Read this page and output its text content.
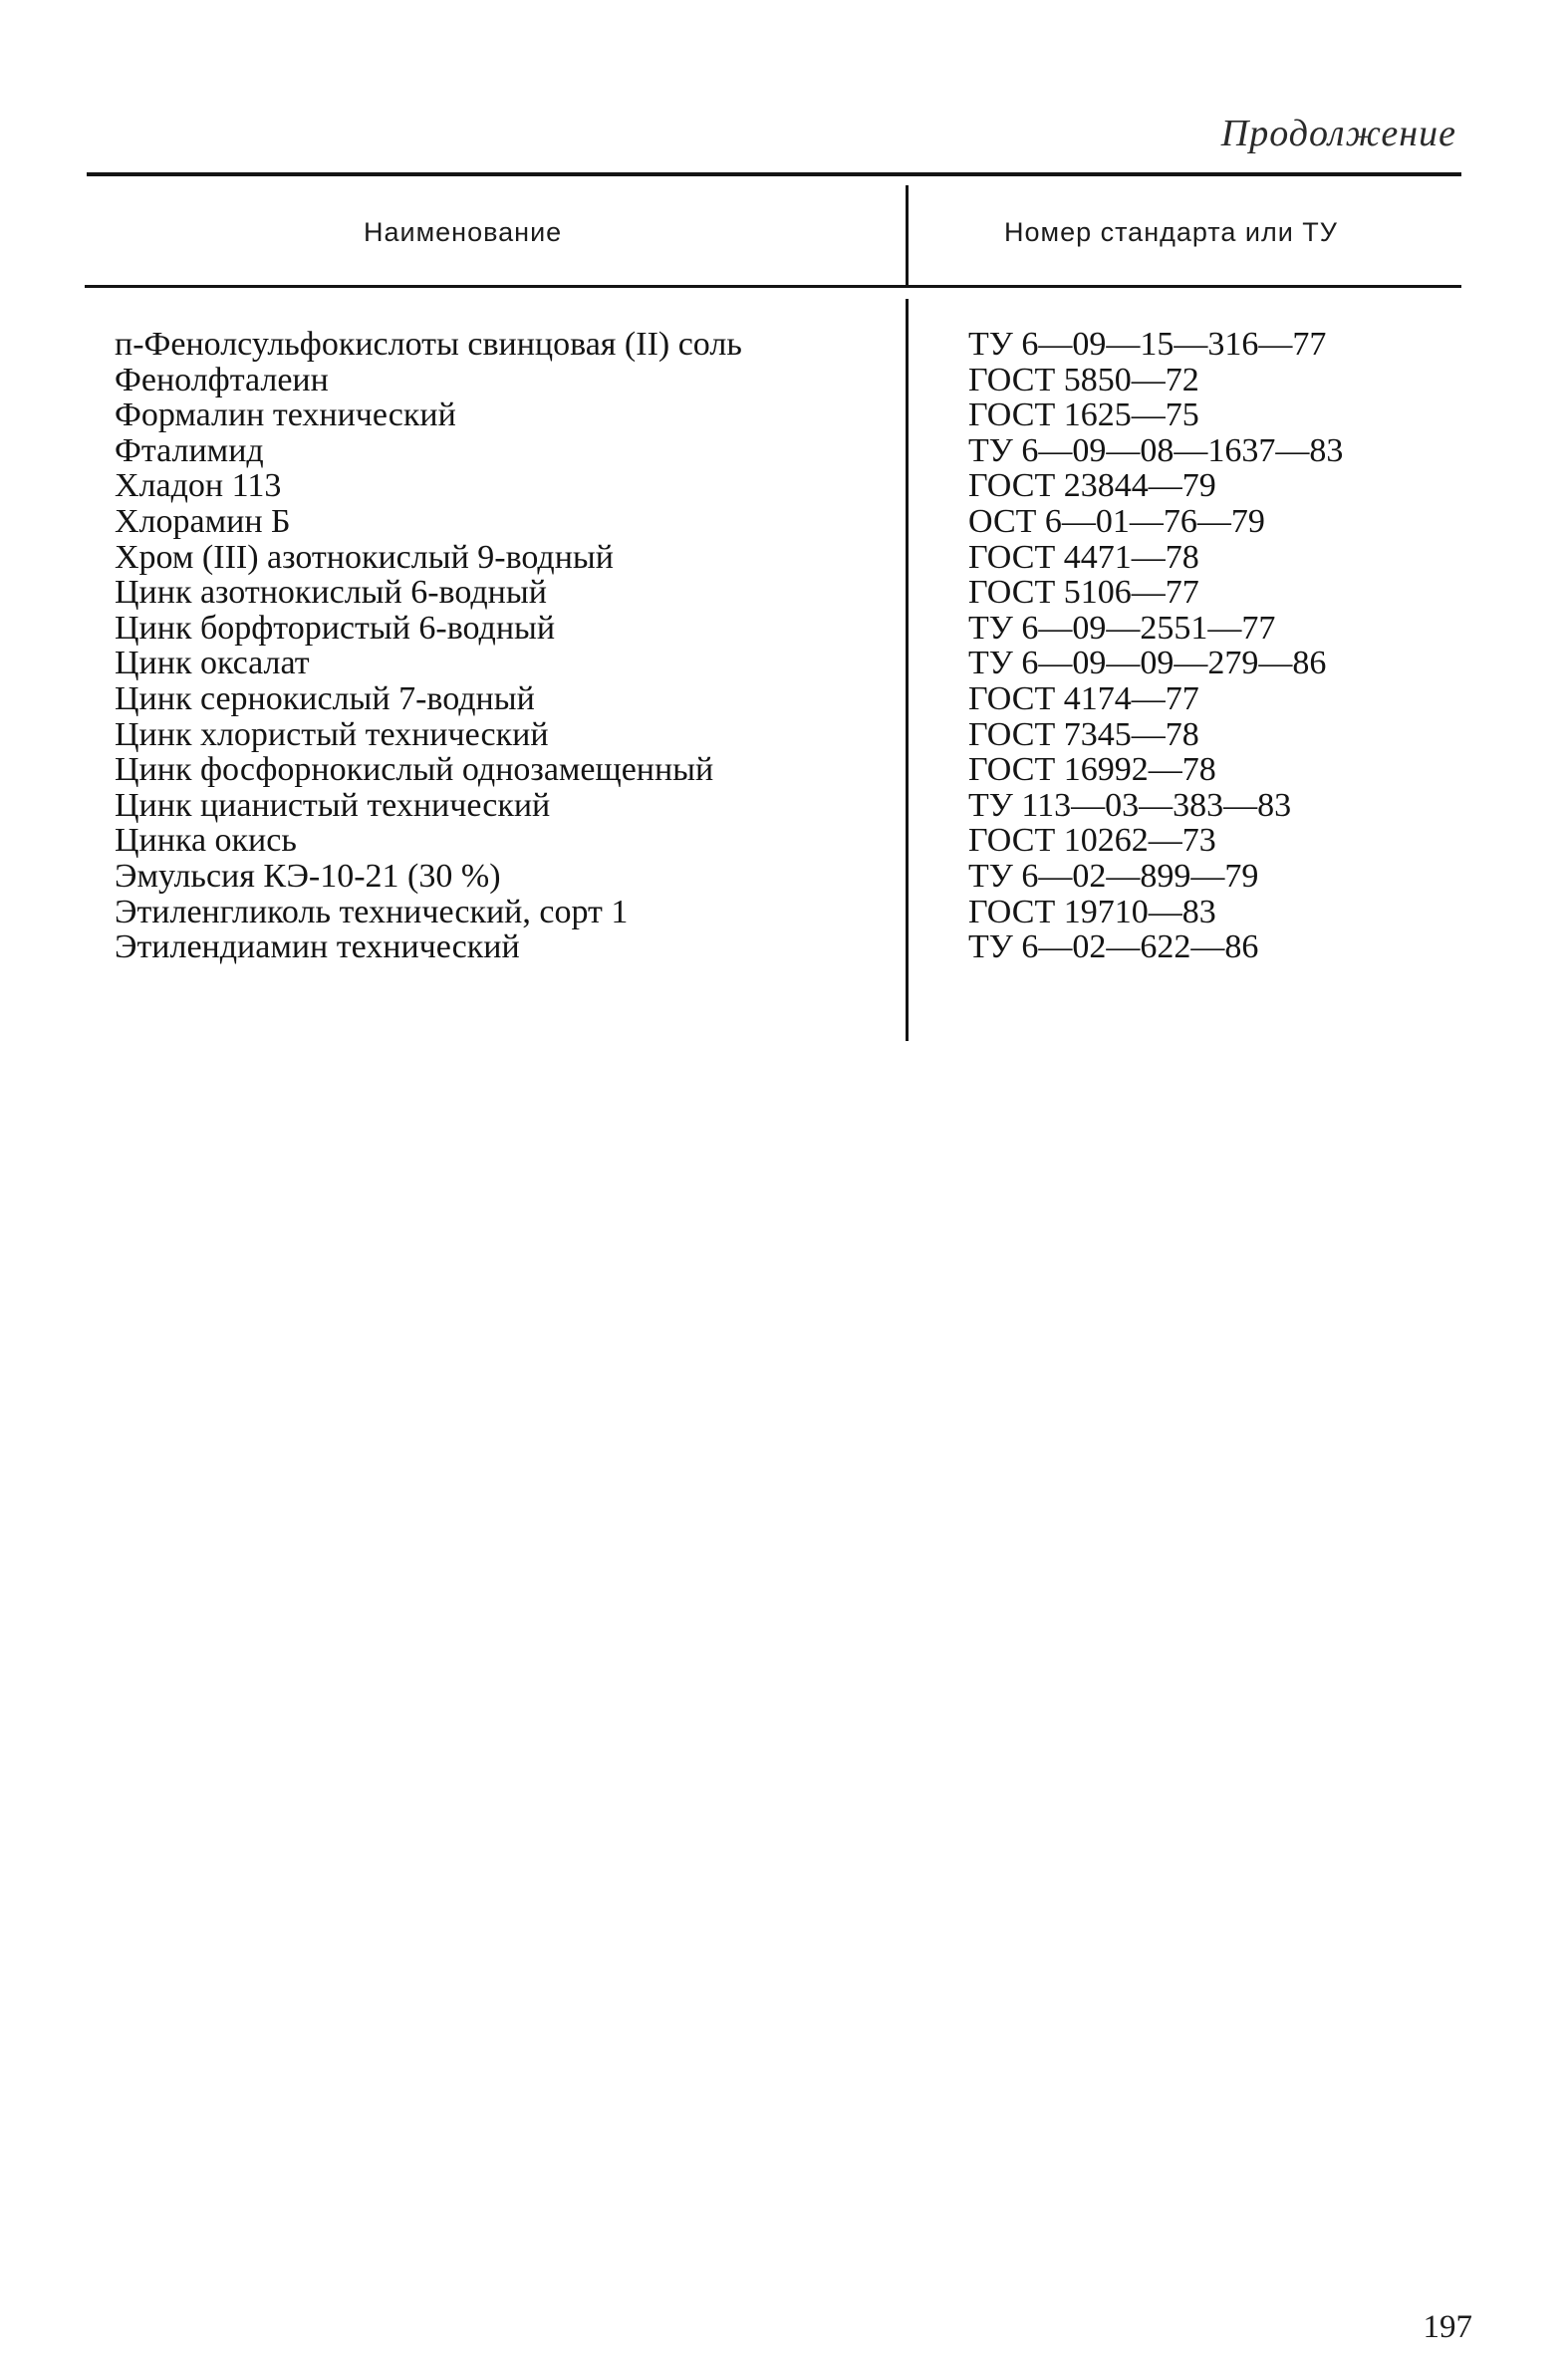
Продолжение
Наименование	Номер стандарта или ТУ
п-Фенолсульфокислоты свинцовая (II) соль	ТУ 6—09—15—316—77
Фенолфталеин	ГОСТ 5850—72
Формалин технический	ГОСТ 1625—75
Фталимид	ТУ 6—09—08—1637—83
Хладон 113	ГОСТ 23844—79
Хлорамин Б	ОСТ 6—01—76—79
Хром (III) азотнокислый 9-водный	ГОСТ 4471—78
Цинк азотнокислый 6-водный	ГОСТ 5106—77
Цинк борфтористый 6-водный	ТУ 6—09—2551—77
Цинк оксалат	ТУ 6—09—09—279—86
Цинк сернокислый 7-водный	ГОСТ 4174—77
Цинк хлористый технический	ГОСТ 7345—78
Цинк фосфорнокислый однозамещенный	ГОСТ 16992—78
Цинк цианистый технический	ТУ 113—03—383—83
Цинка окись	ГОСТ 10262—73
Эмульсия КЭ-10-21 (30 %)	ТУ 6—02—899—79
Этиленгликоль технический, сорт 1	ГОСТ 19710—83
Этилендиамин технический	ТУ 6—02—622—86
197
